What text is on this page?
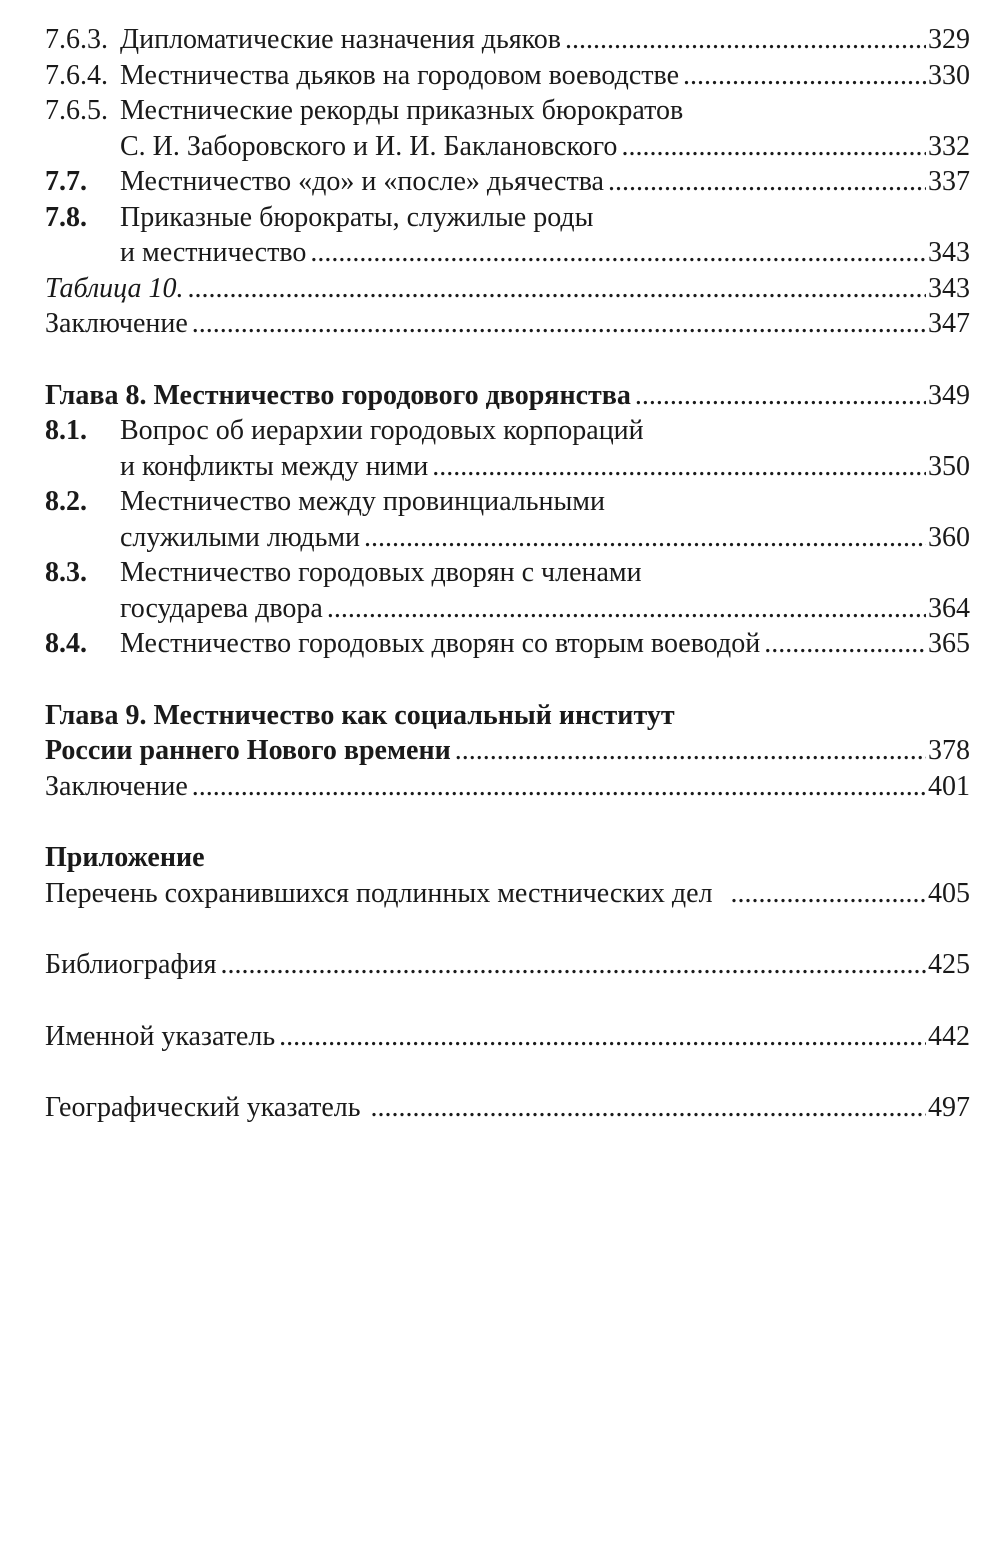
7.6.3. Дипломатические назначения дьяков .....	329
7.6.4. Местничества дьяков на городовом воеводстве .....	330
7.6.5. Местнические рекорды приказных бюрократов
С. И. Заборовского и И. И. Баклановского .....	332
7.7.	Местничество «до» и «после» дьячества .....	337
7.8.	Приказные бюрократы, служилые роды
и местничество .....	343
Таблица 10. .....	343
Заключение .....	347
Глава 8. Местничество городового дворянства .....	349
8.1.	Вопрос об иерархии городовых корпораций
и конфликты между ними .....	350
8.2.	Местничество между провинциальными
служилыми людьми .....	360
8.3.	Местничество городовых дворян с членами
государева двора .....	364
8.4.	Местничество городовых дворян со вторым воеводой .....	365
Глава 9. Местничество как социальный институт
России раннего Нового времени .....	378
Заключение .....	401
Приложение
Перечень сохранившихся подлинных местнических дел .....	405
Библиография .....	425
Именной указатель .....	442
Географический указатель .....	497
